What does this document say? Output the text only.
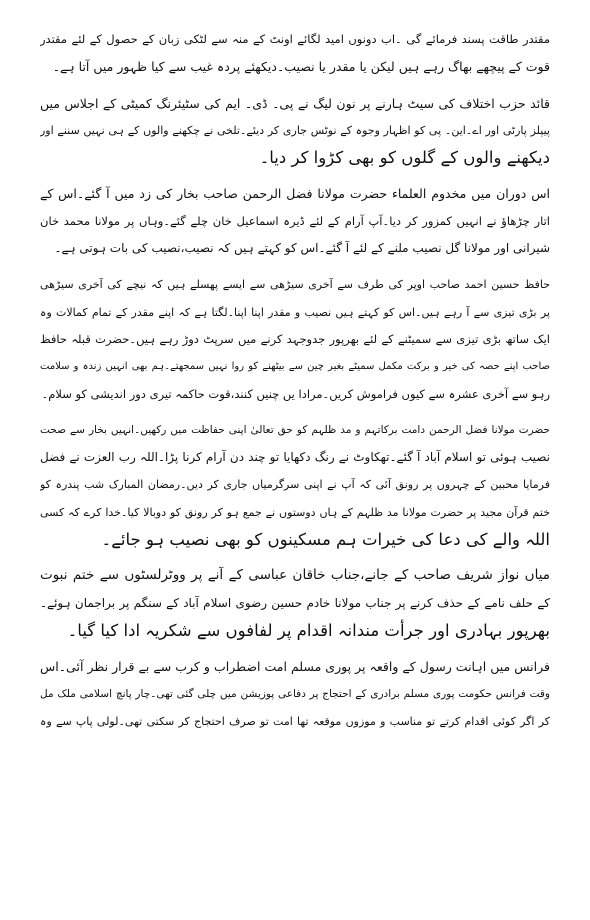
مقتدر طاقت پسند فرمائے گی ۔اب دونوں امید لگائے اونٹ کے منہ سے لٹکی زبان کے حصول کے لئے مقتدر
قوت کے پیچھے بھاگ رہے ہیں لیکن یا مقدر یا نصیب۔دیکھئے پردہ غیب سے کیا ظہور میں آتا ہے۔
قائد حزب اختلاف کی سیٹ ہارنے پر نون لیگ نے پی۔ ڈی۔ ایم کی سٹیئرنگ کمیٹی کے اجلاس میں
پیپلز پارٹی اور اے۔این۔ پی کو اظہار وجوہ کے نوٹس جاری کر دیئے۔تلخی نے چکھنے والوں کے ہی نہیں سننے اور
دیکھنے والوں کے گلوں کو بھی کڑوا کر دیا۔
اس دوران میں مخدوم العلماء حضرت مولانا فضل الرحمن صاحب بخار کی زد میں آ گئے۔اس کے
اتار چڑھاؤ نے انہیں کمزور کر دیا۔آپ آرام کے لئے ڈیرہ اسماعیل خان چلے گئے۔وہاں پر مولانا محمد خان
شیرانی اور مولانا گل نصیب ملنے کے لئے آ گئے۔اس کو کہتے ہیں کہ نصیب،نصیب کی بات ہوتی ہے۔
حافظ حسین احمد صاحب اوپر کی طرف سے آخری سیڑھی سے ایسے پھسلے ہیں کہ نیچے کی آخری سیڑھی
پر بڑی تیزی سے آ رہے ہیں۔اس کو کہتے ہیں نصیب و مقدر اپنا اپنا۔لگتا ہے کہ اپنے مقدر کے تمام کمالات وہ
ایک ساتھ بڑی تیزی سے سمیٹنے کے لئے بھرپور جدوجہد کرنے میں سرپٹ دوڑ رہے ہیں۔حضرت قبلہ حافظ
صاحب اپنے حصہ کی خیر و برکت مکمل سمیٹے بغیر چین سے بیٹھنے کو روا نہیں سمجھتے۔ہم بھی انہیں زندہ و سلامت
رہو سے آخری عشرہ سے کیوں فراموش کریں۔مرادا یں چنیں کنند،قوت حاکمہ تیری دور اندیشی کو سلام۔
حضرت مولانا فضل الرحمن دامت برکاتہم و مد ظلہم کو حق تعالیٰ اپنی حفاظت میں رکھیں۔انہیں بخار سے صحت
نصیب ہوئی تو اسلام آباد آ گئے۔تھکاوٹ نے رنگ دکھایا تو چند دن آرام کرنا پڑا۔اللہ رب العزت نے فضل
فرمایا محبین کے چہروں پر رونق آئی کہ آپ نے اپنی سرگرمیاں جاری کر دیں۔رمضان المبارک شب پندرہ کو
ختم قرآن مجید پر حضرت مولانا مد ظلہم کے ہاں دوستوں نے جمع ہو کر رونق کو دوبالا کیا۔خدا کرے کہ کسی
اللہ والے کی دعا کی خیرات ہم مسکینوں کو بھی نصیب ہو جائے۔
میاں نواز شریف صاحب کے جانے،جناب خاقان عباسی کے آنے پر ووٹرلسٹوں سے ختم نبوت
کے حلف نامے کے حذف کرنے پر جناب مولانا خادم حسین رضوی اسلام آباد کے سنگم پر براجمان ہوئے۔
بھرپور بہادری اور جرأت مندانہ اقدام پر لفافوں سے شکریہ ادا کیا گیا۔
فرانس میں اہانت رسول کے واقعہ پر پوری مسلم امت اضطراب و کرب سے بے قرار نظر آئی۔اس
وقت فرانس حکومت پوری مسلم برادری کے احتجاج پر دفاعی پوزیشن میں چلی گئی تھی۔چار پانچ اسلامی ملک مل
کر اگر کوئی اقدام کرتے تو مناسب و موزوں موقعہ تھا امت تو صرف احتجاج کر سکتی تھی۔لولی پاپ سے وہ
